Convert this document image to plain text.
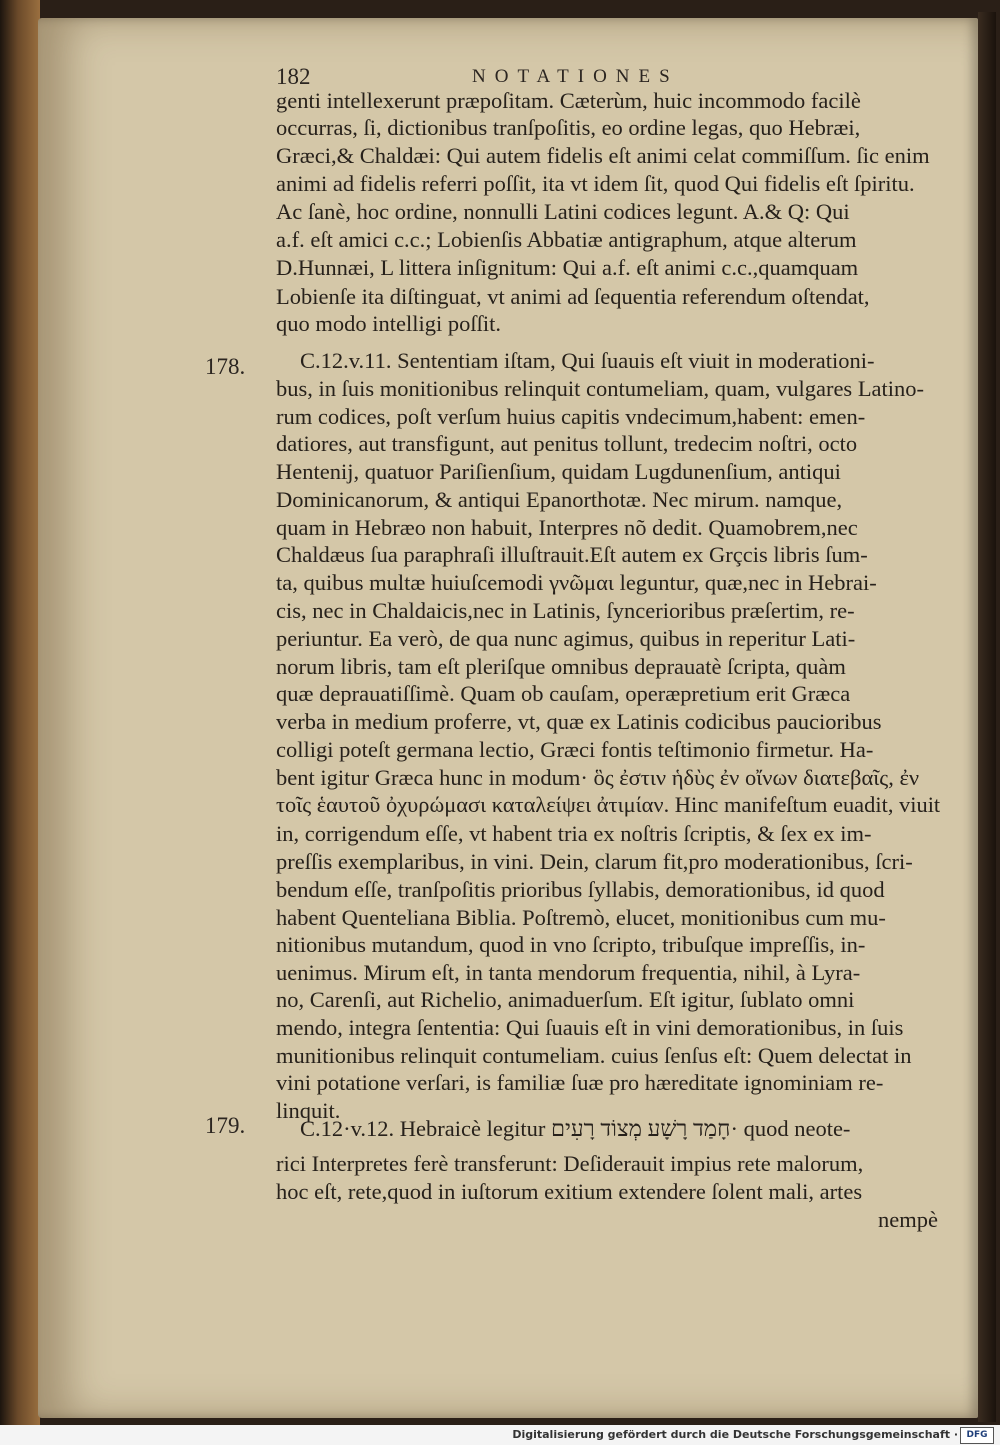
182	NOTATIONES
genti intellexerunt præpoſitam. Cæterùm, huic incommodo facilè
occurras, ſi, dictionibus tranſpoſitis, eo ordine legas, quo Hebræi,
Græci,& Chaldæi: Qui autem fidelis eſt animi celat commiſſum. ſic enim
animi ad fidelis referri poſſit, ita vt idem ſit, quod Qui fidelis eſt ſpiritu.
Ac ſanè, hoc ordine, nonnulli Latini codices legunt. A.& Q: Qui
a.f. eſt amici c.c.; Lobienſis Abbatiæ antigraphum, atque alterum
D.Hunnæi, L littera inſignitum: Qui a.f. eſt animi c.c.,quamquam
Lobienſe ita diſtinguat, vt animi ad ſequentia referendum oſtendat,
quo modo intelligi poſſit.
C.12.v.11. Sententiam iſtam, Qui ſuauis eſt viuit in moderationi-
bus, in ſuis monitionibus relinquit contumeliam, quam, vulgares Latino-
rum codices, poſt verſum huius capitis vndecimum,habent: emen-
datiores, aut transfigunt, aut penitus tollunt, tredecim noſtri, octo
Hentenij, quatuor Pariſienſium, quidam Lugdunenſium, antiqui
Dominicanorum, & antiqui Epanorthotæ. Nec mirum. namque,
quam in Hebræo non habuit, Interpres nõ dedit. Quamobrem,nec
Chaldæus ſua paraphraſi illuſtrauit.Eſt autem ex Grçcis libris ſum-
ta, quibus multæ huiuſcemodi γνῶμαι leguntur, quæ,nec in Hebrai-
cis, nec in Chaldaicis,nec in Latinis, ſyncerioribus præſertim, re-
periuntur. Ea verò, de qua nunc agimus, quibus in reperitur Lati-
norum libris, tam eſt pleriſque omnibus deprauatè ſcripta, quàm
quæ deprauatiſſimè. Quam ob cauſam, operæpretium erit Græca
verba in medium proferre, vt, quæ ex Latinis codicibus paucioribus
colligi poteſt germana lectio, Græci fontis teſtimonio firmetur. Ha-
bent igitur Græca hunc in modum· ὃς ἐστιν ἡδὺς ἐν οἴνων διατεβαῖς, ἐν
τοῖς ἑαυτοῦ ὀχυρώμασι καταλείψει ἀτιμίαν. Hinc manifeſtum euadit, viuit
in, corrigendum eſſe, vt habent tria ex noſtris ſcriptis, & ſex ex im-
preſſis exemplaribus, in vini. Dein, clarum fit,pro moderationibus, ſcri-
bendum eſſe, tranſpoſitis prioribus ſyllabis, demorationibus, id quod
habent Quenteliana Biblia. Poſtremò, elucet, monitionibus cum mu-
nitionibus mutandum, quod in vno ſcripto, tribuſque impreſſis, in-
uenimus. Mirum eſt, in tanta mendorum frequentia, nihil, à Lyra-
no, Carenſi, aut Richelio, animaduerſum. Eſt igitur, ſublato omni
mendo, integra ſententia: Qui ſuauis eſt in vini demorationibus, in ſuis
munitionibus relinquit contumeliam. cuius ſenſus eſt: Quem delectat in
vini potatione verſari, is familiæ ſuæ pro hæreditate ignominiam re-
linquit.
C.12·v.12. Hebraicè legitur חָמַד רָשָׁע מְצוֹד רָעִים· quod neote-
rici Interpretes ferè transferunt: Deſiderauit impius rete malorum,
hoc eſt, rete,quod in iuſtorum exitium extendere ſolent mali, artes
nempè
178.
179.
Digitalisierung gefördert durch die Deutsche Forschungsgemeinschaft · DFG
